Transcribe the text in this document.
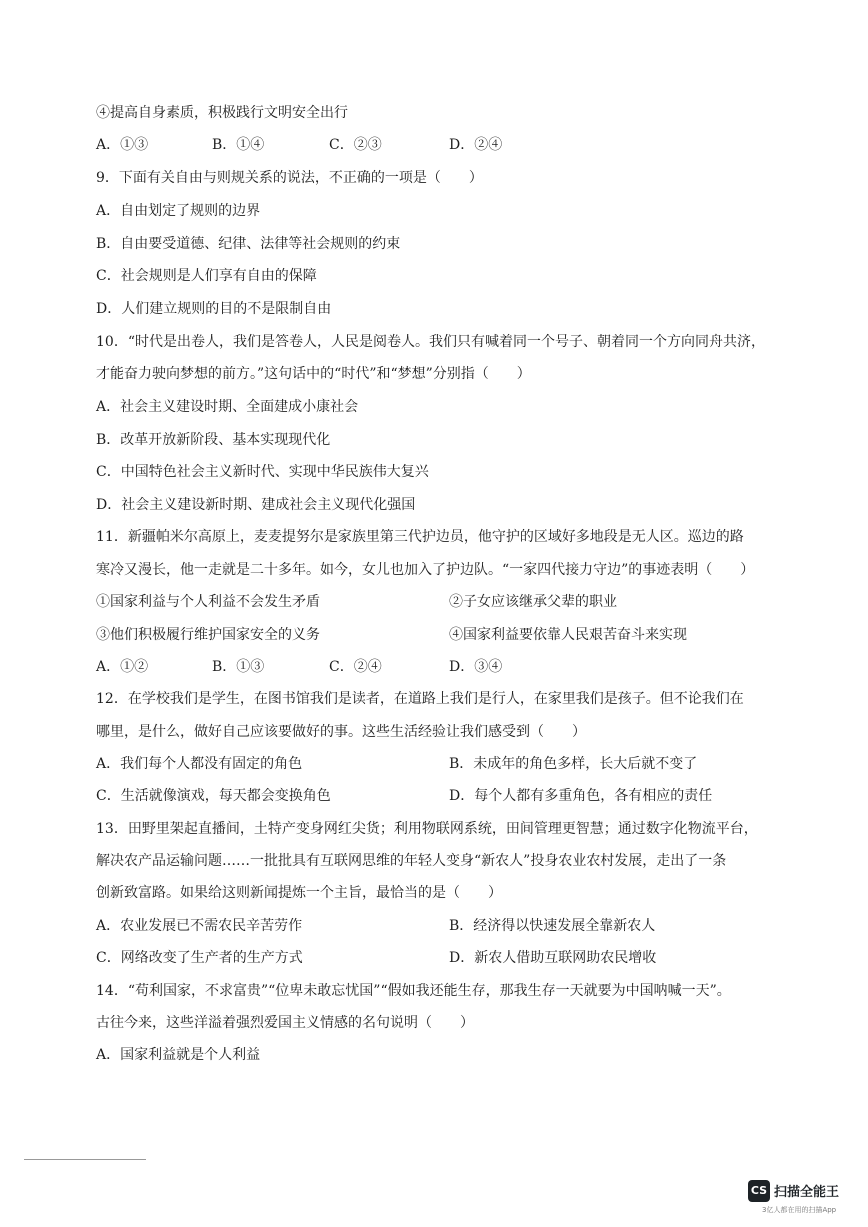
④提高自身素质，积极践行文明安全出行
A．①③	B．①④	C．②③	D．②④
9．下面有关自由与则规关系的说法，不正确的一项是（　　）
A．自由划定了规则的边界
B．自由要受道德、纪律、法律等社会规则的约束
C．社会规则是人们享有自由的保障
D．人们建立规则的目的不是限制自由
10．“时代是出卷人，我们是答卷人，人民是阅卷人。我们只有喊着同一个号子、朝着同一个方向同舟共济，
才能奋力驶向梦想的前方。”这句话中的“时代”和“梦想”分别指（　　）
A．社会主义建设时期、全面建成小康社会
B．改革开放新阶段、基本实现现代化
C．中国特色社会主义新时代、实现中华民族伟大复兴
D．社会主义建设新时期、建成社会主义现代化强国
11．新疆帕米尔高原上，麦麦提努尔是家族里第三代护边员，他守护的区域好多地段是无人区。巡边的路
寒冷又漫长，他一走就是二十多年。如今，女儿也加入了护边队。“一家四代接力守边”的事迹表明（　　）
①国家利益与个人利益不会发生矛盾	②子女应该继承父辈的职业
③他们积极履行维护国家安全的义务	④国家利益要依靠人民艰苦奋斗来实现
A．①②	B．①③	C．②④	D．③④
12．在学校我们是学生，在图书馆我们是读者，在道路上我们是行人，在家里我们是孩子。但不论我们在
哪里，是什么，做好自己应该要做好的事。这些生活经验让我们感受到（　　）
A．我们每个人都没有固定的角色	B．未成年的角色多样，长大后就不变了
C．生活就像演戏，每天都会变换角色	D．每个人都有多重角色，各有相应的责任
13．田野里架起直播间，土特产变身网红尖货；利用物联网系统，田间管理更智慧；通过数字化物流平台，
解决农产品运输问题……一批批具有互联网思维的年轻人变身“新农人”投身农业农村发展，走出了一条
创新致富路。如果给这则新闻提炼一个主旨，最恰当的是（　　）
A．农业发展已不需农民辛苦劳作	B．经济得以快速发展全靠新农人
C．网络改变了生产者的生产方式	D．新农人借助互联网助农民增收
14．“苟利国家，不求富贵”“位卑未敢忘忧国”“假如我还能生存，那我生存一天就要为中国呐喊一天”。
古往今来，这些洋溢着强烈爱国主义情感的名句说明（　　）
A．国家利益就是个人利益
CS 扫描全能王
3亿人都在用的扫描App
